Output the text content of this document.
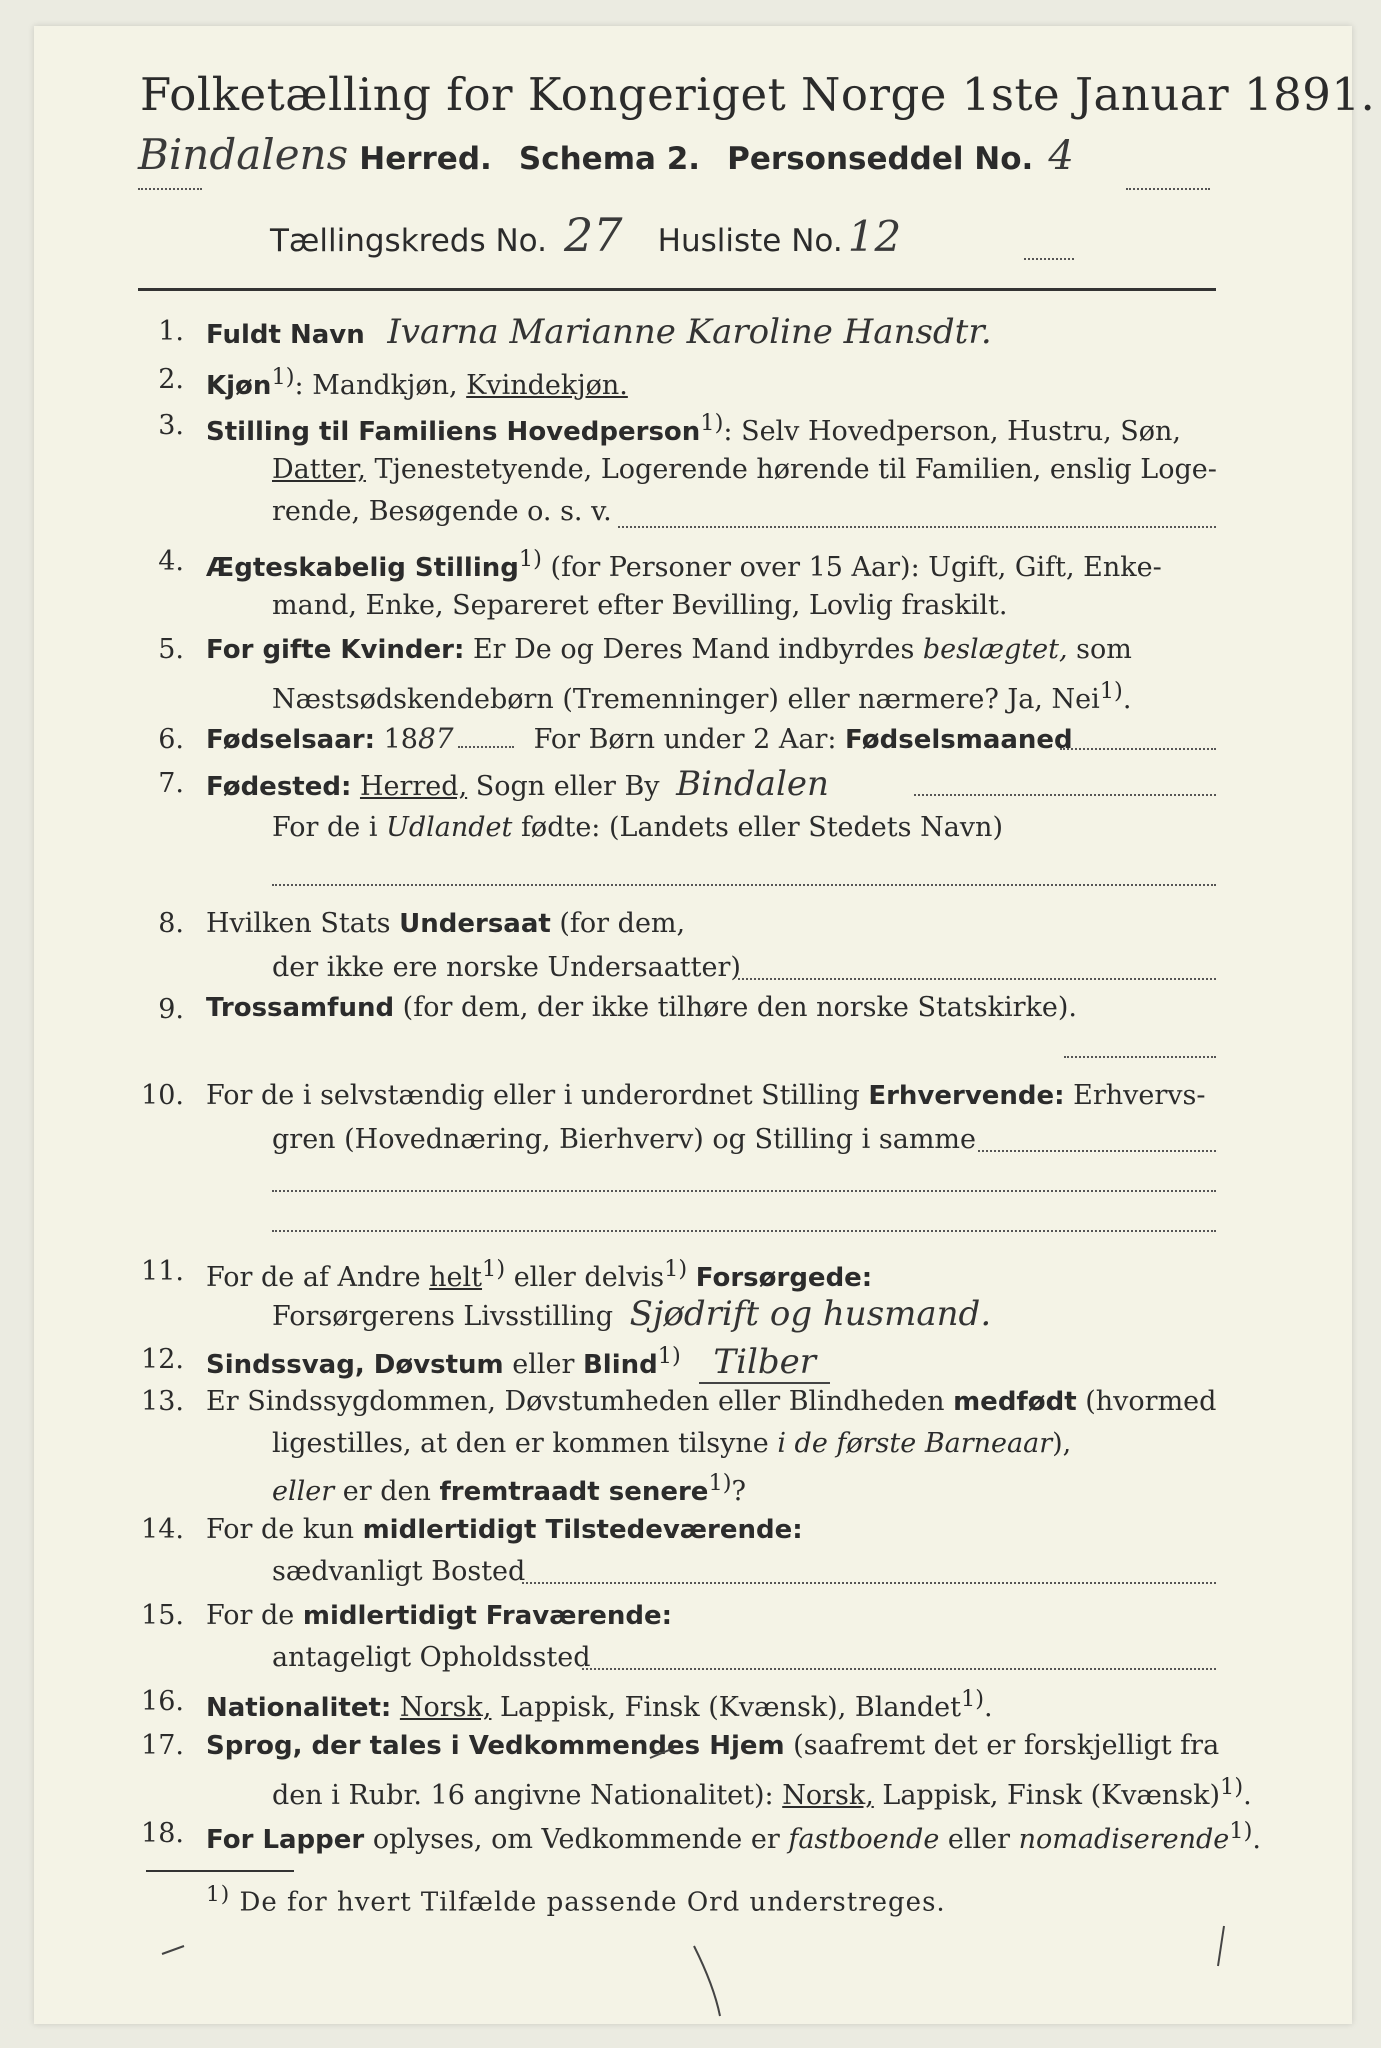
Folketælling for Kongeriget Norge 1ste Januar 1891.
Bindalens Herred. Schema 2. Personseddel No. 4
Tællingskreds No. 27 Husliste No. 12
1. Fuldt Navn Ivarna Marianne Karoline Hansdtr.
2. Kjøn$^{1)}$: Mandkjøn, Kvindekjøn.
3. Stilling til Familiens Hovedperson$^{1)}$: Selv Hovedperson, Hustru, Søn,
Datter, Tjenestetyende, Logerende hørende til Familien, enslig Loge-
rende, Besøgende o. s. v.
4. Ægteskabelig Stilling$^{1)}$ (for Personer over 15 Aar): Ugift, Gift, Enke-
mand, Enke, Separeret efter Bevilling, Lovlig fraskilt.
5. For gifte Kvinder: Er De og Deres Mand indbyrdes beslægtet, som
Næstsødskendebørn (Tremenninger) eller nærmere? Ja, Nei$^{1)}$.
6. Fødselsaar: 1887	For Børn under 2 Aar: Fødselsmaaned
7. Fødested: Herred, Sogn eller By Bindalen
For de i Udlandet fødte: (Landets eller Stedets Navn)
8. Hvilken Stats Undersaat (for dem,
der ikke ere norske Undersaatter)
9. Trossamfund (for dem, der ikke tilhøre den norske Statskirke).
10. For de i selvstændig eller i underordnet Stilling Erhvervende: Erhvervs-
gren (Hovednæring, Bierhverv) og Stilling i samme
11. For de af Andre helt$^{1)}$ eller delvis$^{1)}$ Forsørgede:
Forsørgerens Livsstilling Sjødrift og husmand.
12. Sindssvag, Døvstum eller Blind$^{1)}$ Tilber
13. Er Sindssygdommen, Døvstumheden eller Blindheden medfødt (hvormed
ligestilles, at den er kommen tilsyne i de første Barneaar),
eller er den fremtraadt senere$^{1)}$?
14. For de kun midlertidigt Tilstedeværende:
sædvanligt Bosted
15. For de midlertidigt Fraværende:
antageligt Opholdssted
16. Nationalitet: Norsk, Lappisk, Finsk (Kvænsk), Blandet$^{1)}$.
17. Sprog, der tales i Vedkommendes Hjem (saafremt det er forskjelligt fra
den i Rubr. 16 angivne Nationalitet): Norsk, Lappisk, Finsk (Kvænsk)$^{1)}$.
18. For Lapper oplyses, om Vedkommende er fastboende eller nomadiserende$^{1)}$.
$^{1)}$ De for hvert Tilfælde passende Ord understreges.
